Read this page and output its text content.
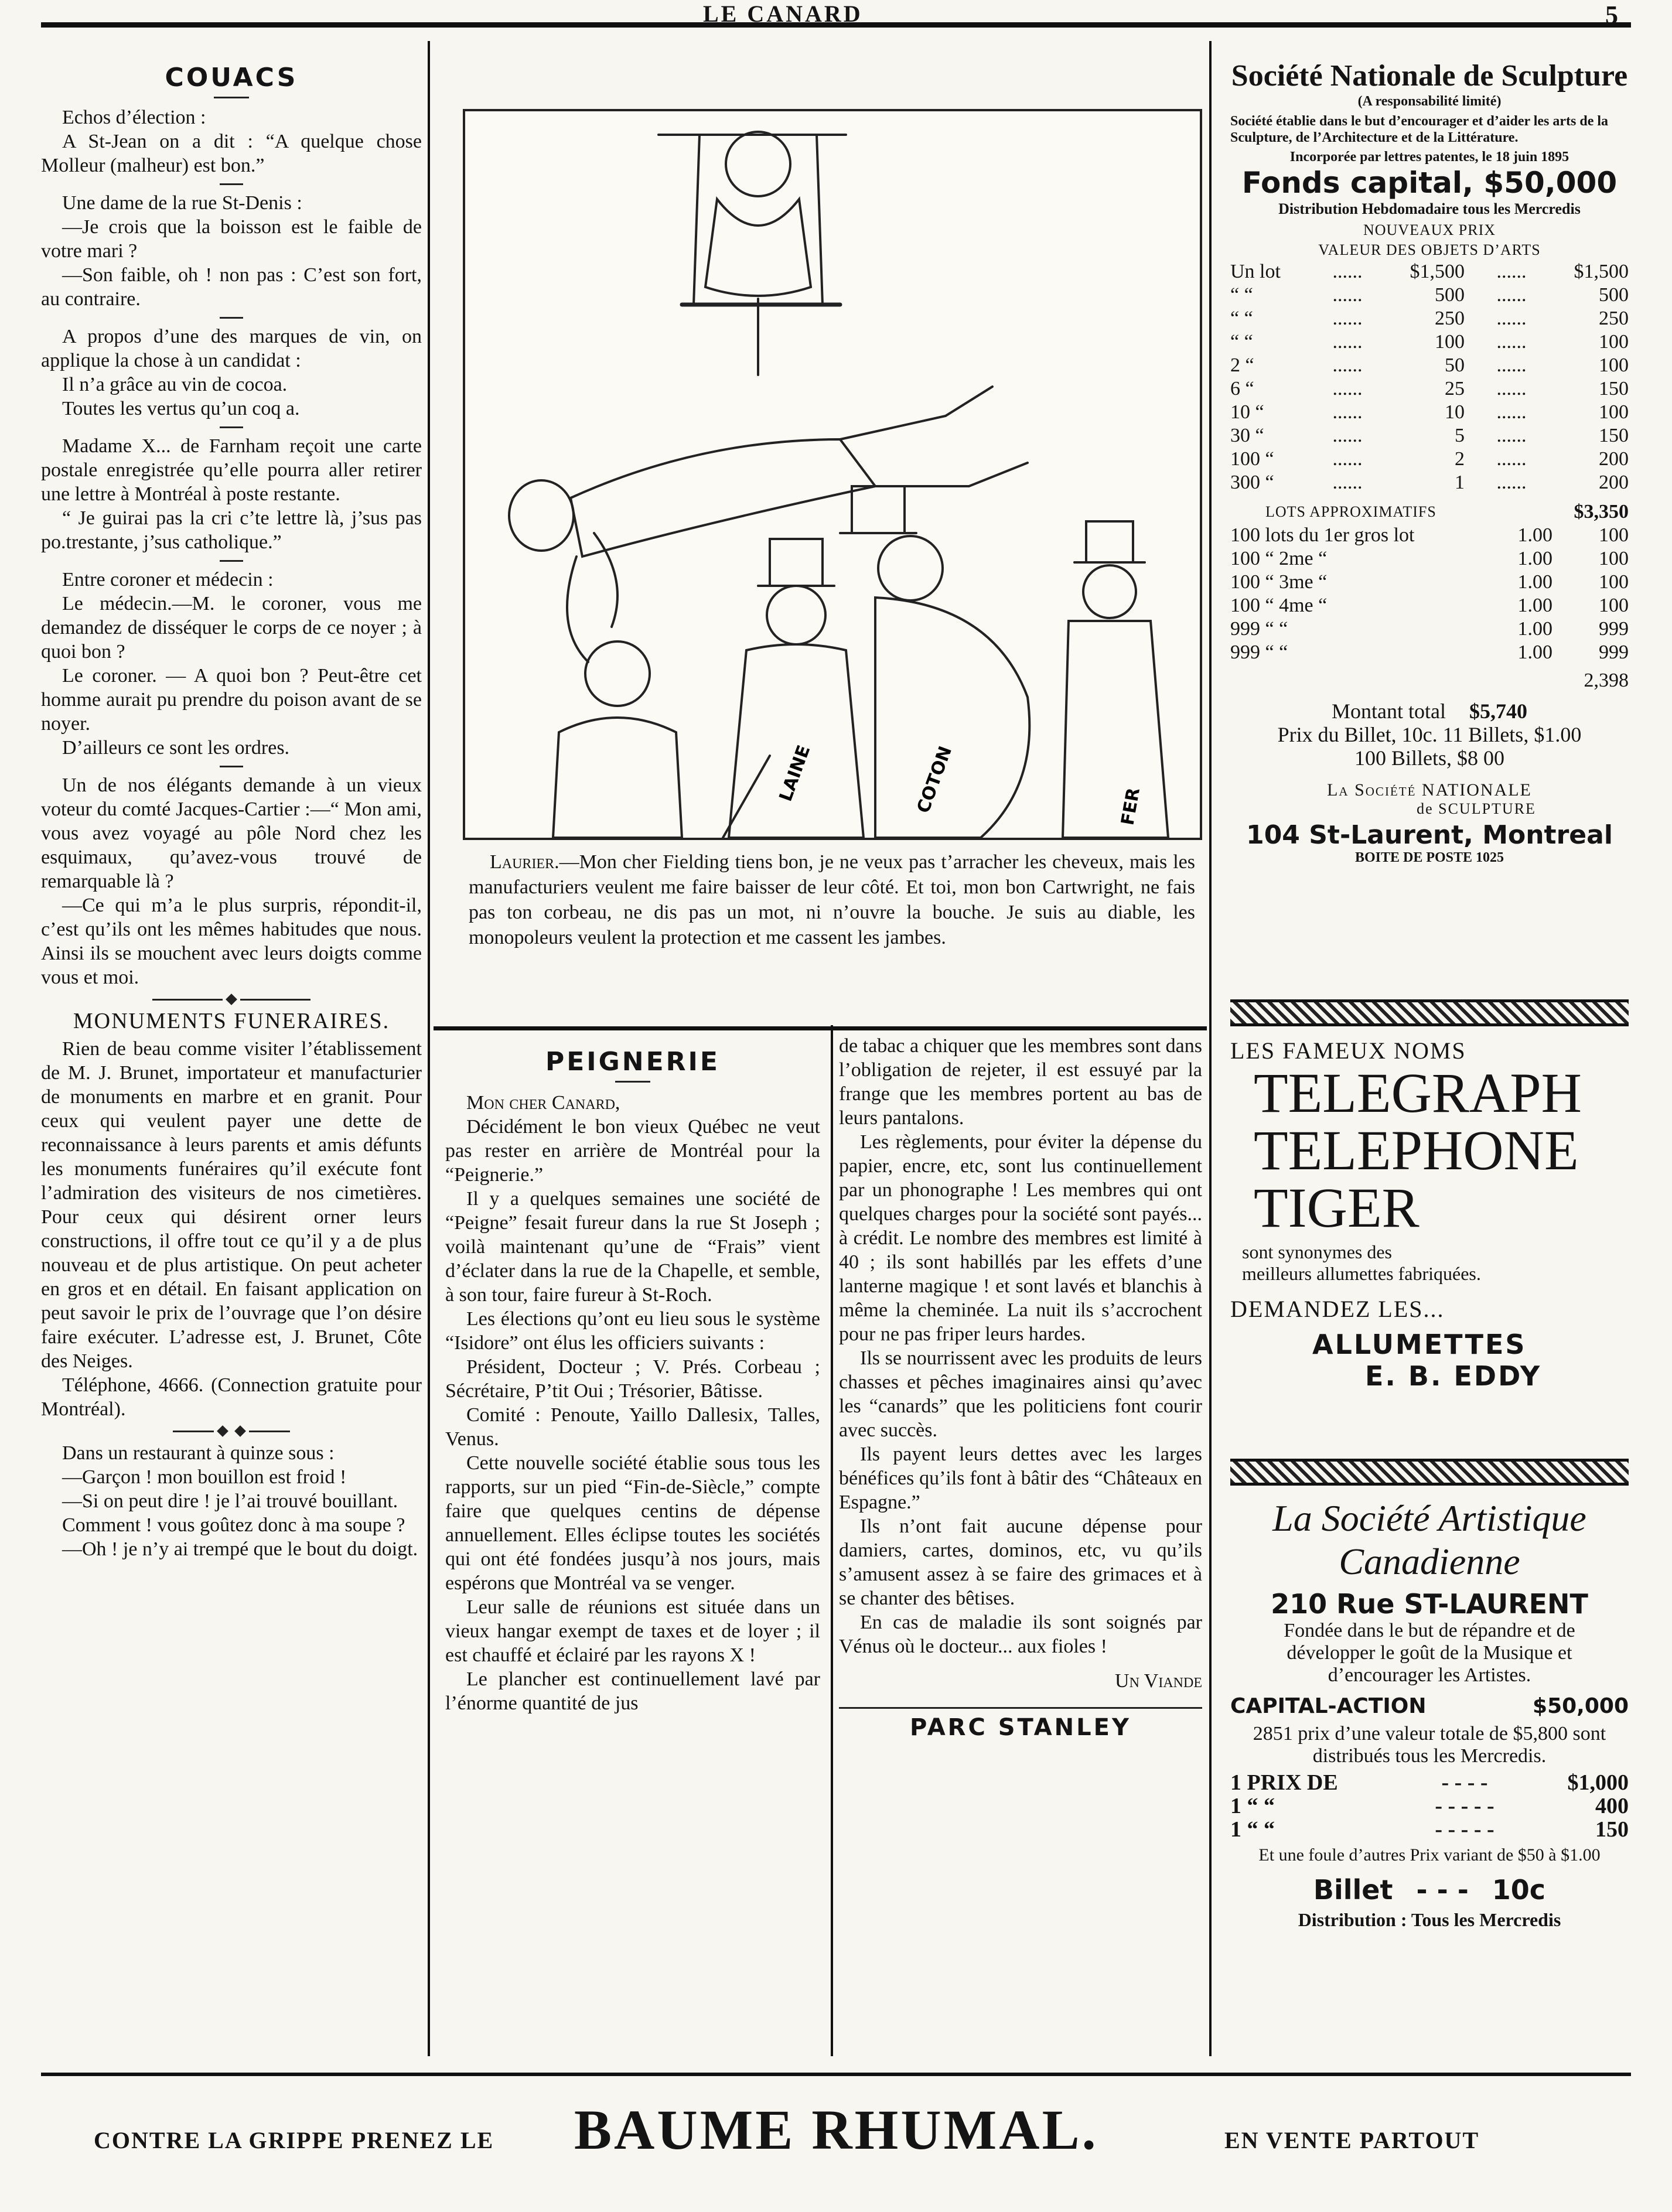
LE CANARD	5
COUACS

Echos d’élection :

A St-Jean on a dit : “A quelque chose Molleur (malheur) est bon.”

Une dame de la rue St-Denis :

—Je crois que la boisson est le faible de votre mari ?

—Son faible, oh ! non pas : C’est son fort, au contraire.

A propos d’une des marques de vin, on applique la chose à un candidat :

Il n’a grâce au vin de cocoa.

Toutes les vertus qu’un coq a.

Madame X... de Farnham reçoit une carte postale enregistrée qu’elle pourra aller retirer une lettre à Montréal à poste restante.

“ Je guirai pas la cri c’te lettre là, j’sus pas po.trestante, j’sus catholique.”

Entre coroner et médecin :

Le médecin.—M. le coroner, vous me demandez de disséquer le corps de ce noyer ; à quoi bon ?

Le coroner. — A quoi bon ? Peut-être cet homme aurait pu prendre du poison avant de se noyer.

D’ailleurs ce sont les ordres.

Un de nos élégants demande à un vieux voteur du comté Jacques-Cartier :—“ Mon ami, vous avez voyagé au pôle Nord chez les esquimaux, qu’avez-vous trouvé de remarquable là ?

—Ce qui m’a le plus surpris, répondit-il, c’est qu’ils ont les mêmes habitudes que nous. Ainsi ils se mouchent avec leurs doigts comme vous et moi.

MONUMENTS FUNERAIRES.

Rien de beau comme visiter l’établissement de M. J. Brunet, importateur et manufacturier de monuments en marbre et en granit. Pour ceux qui veulent payer une dette de reconnaissance à leurs parents et amis défunts les monuments funéraires qu’il exécute font l’admiration des visiteurs de nos cimetières. Pour ceux qui désirent orner leurs constructions, il offre tout ce qu’il y a de plus nouveau et de plus artistique. On peut acheter en gros et en détail. En faisant application on peut savoir le prix de l’ouvrage que l’on désire faire exécuter. L’adresse est, J. Brunet, Côte des Neiges.

Téléphone, 4666. (Connection gratuite pour Montréal).

Dans un restaurant à quinze sous :

—Garçon ! mon bouillon est froid !

—Si on peut dire ! je l’ai trouvé bouillant.

Comment ! vous goûtez donc à ma soupe ?

—Oh ! je n’y ai trempé que le bout du doigt.

LAINE	COTON	FER
Laurier.—Mon cher Fielding tiens bon, je ne veux pas t’arracher les cheveux, mais les manufacturiers veulent me faire baisser de leur côté. Et toi, mon bon Cartwright, ne fais pas ton corbeau, ne dis pas un mot, ni n’ouvre la bouche. Je suis au diable, les monopoleurs veulent la protection et me cassent les jambes.
PEIGNERIE

Mon cher Canard,

Décidément le bon vieux Québec ne veut pas rester en arrière de Montréal pour la “Peignerie.”

Il y a quelques semaines une société de “Peigne” fesait fureur dans la rue St Joseph ; voilà maintenant qu’une de “Frais” vient d’éclater dans la rue de la Chapelle, et semble, à son tour, faire fureur à St-Roch.

Les élections qu’ont eu lieu sous le système “Isidore” ont élus les officiers suivants :

Président, Docteur ; V. Prés. Corbeau ; Sécrétaire, P’tit Oui ; Trésorier, Bâtisse.

Comité : Penoute, Yaillo Dallesix, Talles, Venus.

Cette nouvelle société établie sous tous les rapports, sur un pied “Fin-de-Siècle,” compte faire que quelques centins de dépense annuellement. Elles éclipse toutes les sociétés qui ont été fondées jusqu’à nos jours, mais espérons que Montréal va se venger.

Leur salle de réunions est située dans un vieux hangar exempt de taxes et de loyer ; il est chauffé et éclairé par les rayons X !

Le plancher est continuellement lavé par l’énorme quantité de jus

de tabac a chiquer que les membres sont dans l’obligation de rejeter, il est essuyé par la frange que les membres portent au bas de leurs pantalons.

Les règlements, pour éviter la dépense du papier, encre, etc, sont lus continuellement par un phonographe ! Les membres qui ont quelques charges pour la société sont payés... à crédit. Le nombre des membres est limité à 40 ; ils sont habillés par les effets d’une lanterne magique ! et sont lavés et blanchis à même la cheminée. La nuit ils s’accrochent pour ne pas friper leurs hardes.

Ils se nourrissent avec les produits de leurs chasses et pêches imaginaires ainsi qu’avec les “canards” que les politiciens font courir avec succès.

Ils payent leurs dettes avec les larges bénéfices qu’ils font à bâtir des “Châteaux en Espagne.”

Ils n’ont fait aucune dépense pour damiers, cartes, dominos, etc, vu qu’ils s’amusent assez à se faire des grimaces et à se chanter des bêtises.

En cas de maladie ils sont soignés par Vénus où le docteur... aux fioles !

Un Viande

PARC STANLEY
Société Nationale de Sculpture
(A responsabilité limité)
Société établie dans le but d’encourager et d’aider les arts de la Sculpture, de l’Architecture et de la Littérature.
Incorporée par lettres patentes, le 18 juin 1895
Fonds capital, $50,000
Distribution Hebdomadaire tous les Mercredis
NOUVEAUX PRIX
VALEUR DES OBJETS D’ARTS
Un lot	......	$1,500	......	$1,500
“ “	......	500	......	500
“ “	......	250	......	250
“ “	......	100	......	100
2 “	......	50	......	100
6 “	......	25	......	150
10 “	......	10	......	100
30 “	......	5	......	150
100 “	......	2	......	200
300 “	......	1	......	200
LOTS APPROXIMATIFS	$3,350
100 lots du 1er gros lot	1.00	100
100 “ 2me “	1.00	100
100 “ 3me “	1.00	100
100 “ 4me “	1.00	100
999 “ “	1.00	999
999 “ “	1.00	999
2,398
Montant total $5,740
Prix du Billet, 10c. 11 Billets, $1.00
100 Billets, $8 00
La Société NATIONALE
de SCULPTURE
104 St-Laurent, Montreal
BOITE DE POSTE 1025
LES FAMEUX NOMS
TELEGRAPH
TELEPHONE
TIGER
sont synonymes des
meilleurs allumettes fabriquées.
DEMANDEZ LES...
ALLUMETTES
E. B. EDDY
La Société Artistique
Canadienne
210 Rue ST-LAURENT
Fondée dans le but de répandre et de développer le goût de la Musique et d’encourager les Artistes.
CAPITAL-ACTION	$50,000
2851 prix d’une valeur totale de $5,800 sont distribués tous les Mercredis.
1 PRIX DE	- - - -	$1,000
1 “ “	- - - - -	400
1 “ “	- - - - -	150
Et une foule d’autres Prix variant de $50 à $1.00
Billet - - - 10c
Distribution : Tous les Mercredis
CONTRE LA GRIPPE PRENEZ LE BAUME RHUMAL.	EN VENTE PARTOUT
